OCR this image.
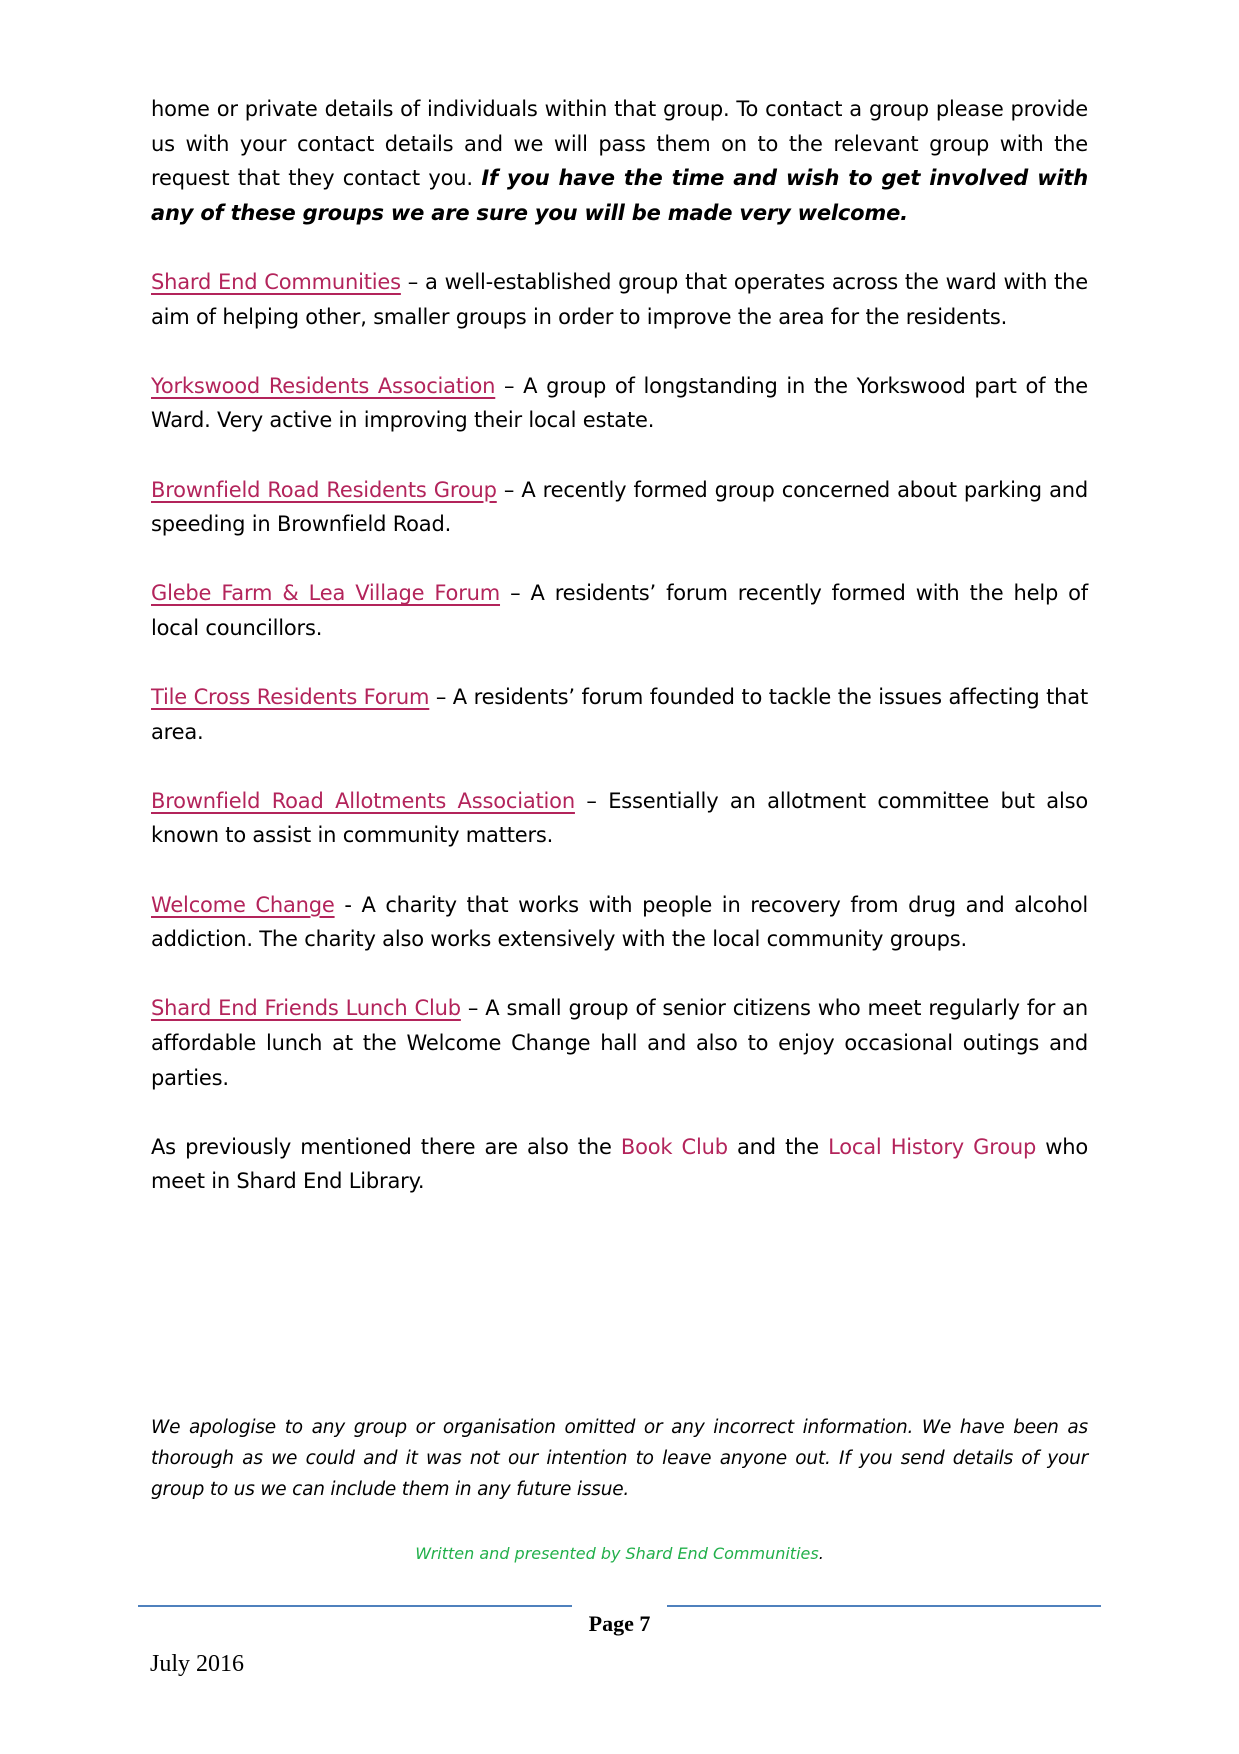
home or private details of individuals within that group. To contact a group please provide us with your contact details and we will pass them on to the relevant group with the request that they contact you. If you have the time and wish to get involved with any of these groups we are sure you will be made very welcome.

Shard End Communities – a well-established group that operates across the ward with the aim of helping other, smaller groups in order to improve the area for the residents.

Yorkswood Residents Association – A group of longstanding in the Yorkswood part of the Ward. Very active in improving their local estate.

Brownfield Road Residents Group – A recently formed group concerned about parking and speeding in Brownfield Road.

Glebe Farm & Lea Village Forum – A residents’ forum recently formed with the help of local councillors.

Tile Cross Residents Forum – A residents’ forum founded to tackle the issues affecting that area.

Brownfield Road Allotments Association – Essentially an allotment committee but also known to assist in community matters.

Welcome Change - A charity that works with people in recovery from drug and alcohol addiction. The charity also works extensively with the local community groups.

Shard End Friends Lunch Club – A small group of senior citizens who meet regularly for an affordable lunch at the Welcome Change hall and also to enjoy occasional outings and parties.

As previously mentioned there are also the Book Club and the Local History Group who meet in Shard End Library.

We apologise to any group or organisation omitted or any incorrect information. We have been as thorough as we could and it was not our intention to leave anyone out. If you send details of your group to us we can include them in any future issue.

Written and presented by Shard End Communities.
Page 7
July 2016
